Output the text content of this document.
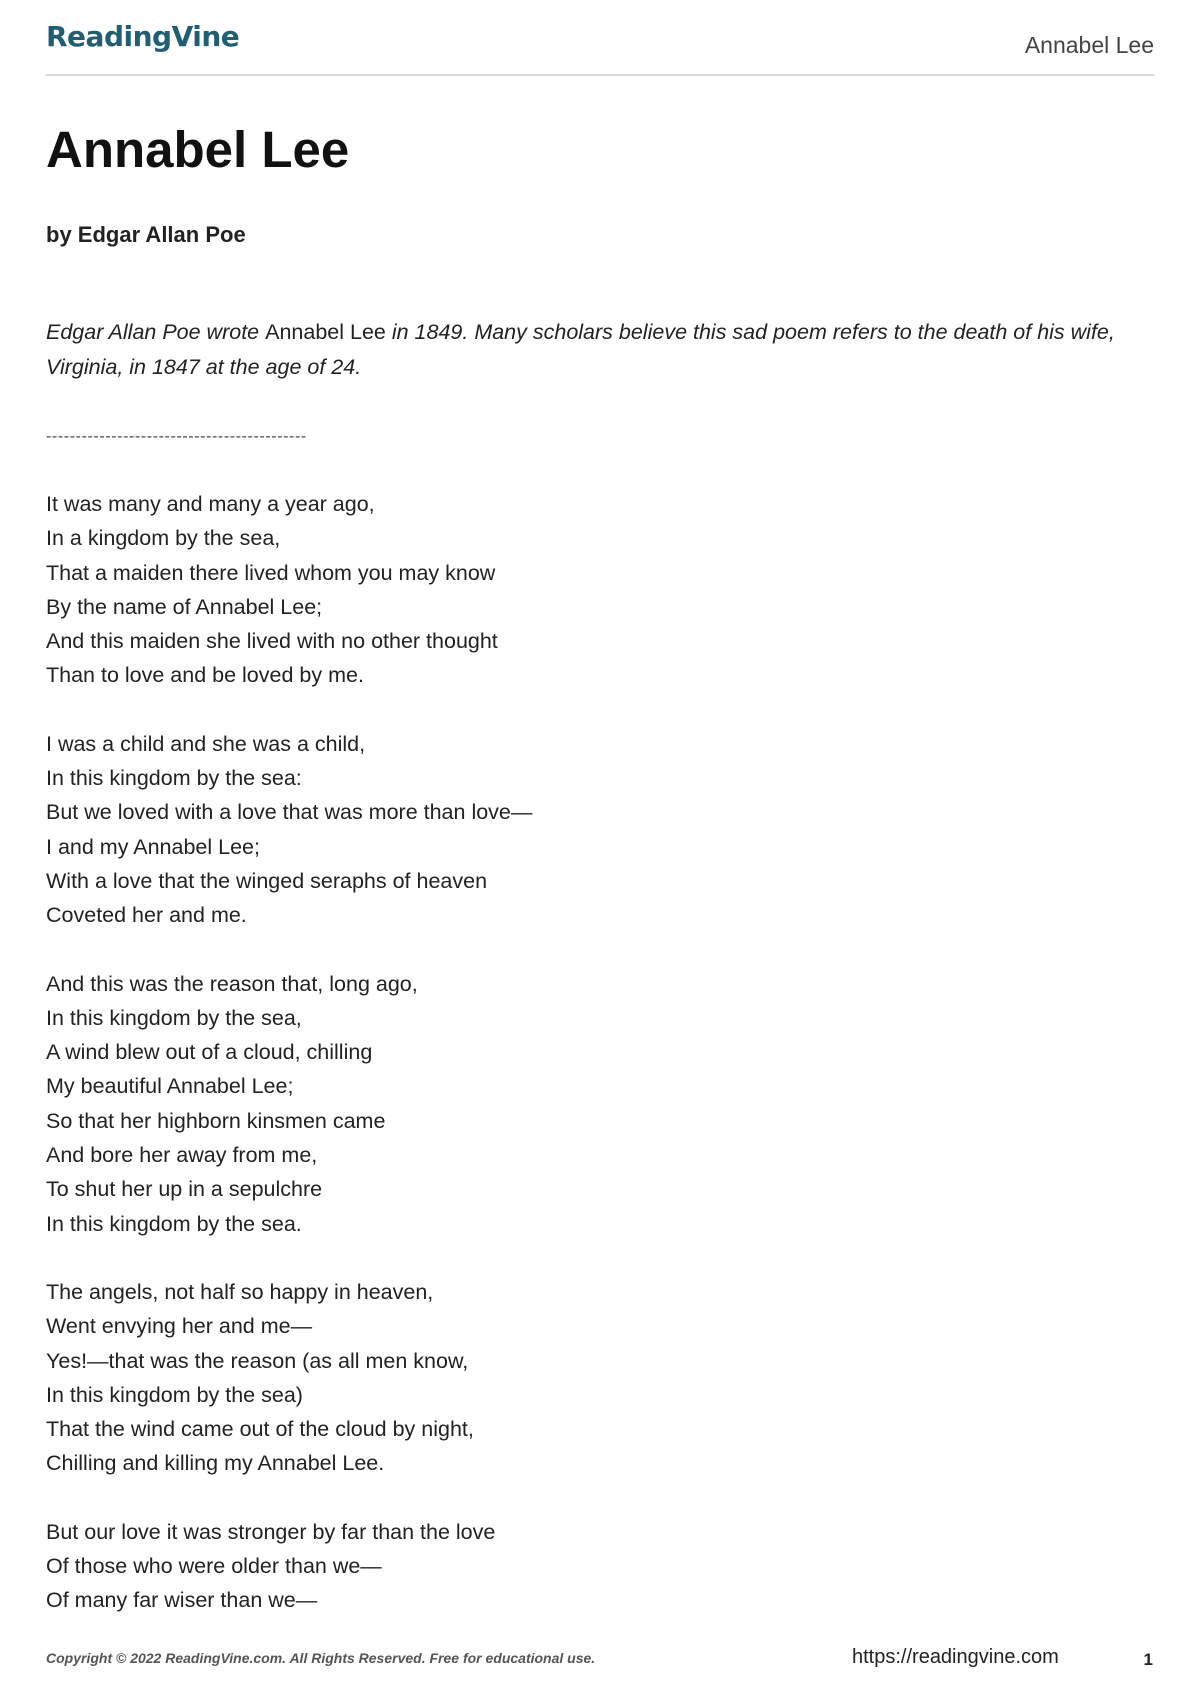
ReadingVine	Annabel Lee
Annabel Lee
by Edgar Allan Poe

Edgar Allan Poe wrote Annabel Lee in 1849. Many scholars believe this sad poem refers to the death of his wife, Virginia, in 1847 at the age of 24.

--------------------------------------------
It was many and many a year ago,
In a kingdom by the sea,
That a maiden there lived whom you may know
By the name of Annabel Lee;
And this maiden she lived with no other thought
Than to love and be loved by me.
I was a child and she was a child,
In this kingdom by the sea:
But we loved with a love that was more than love—
I and my Annabel Lee;
With a love that the winged seraphs of heaven
Coveted her and me.
And this was the reason that, long ago,
In this kingdom by the sea,
A wind blew out of a cloud, chilling
My beautiful Annabel Lee;
So that her highborn kinsmen came
And bore her away from me,
To shut her up in a sepulchre
In this kingdom by the sea.
The angels, not half so happy in heaven,
Went envying her and me—
Yes!—that was the reason (as all men know,
In this kingdom by the sea)
That the wind came out of the cloud by night,
Chilling and killing my Annabel Lee.
But our love it was stronger by far than the love
Of those who were older than we—
Of many far wiser than we—
Copyright © 2022 ReadingVine.com. All Rights Reserved. Free for educational use.	https://readingvine.com	1
